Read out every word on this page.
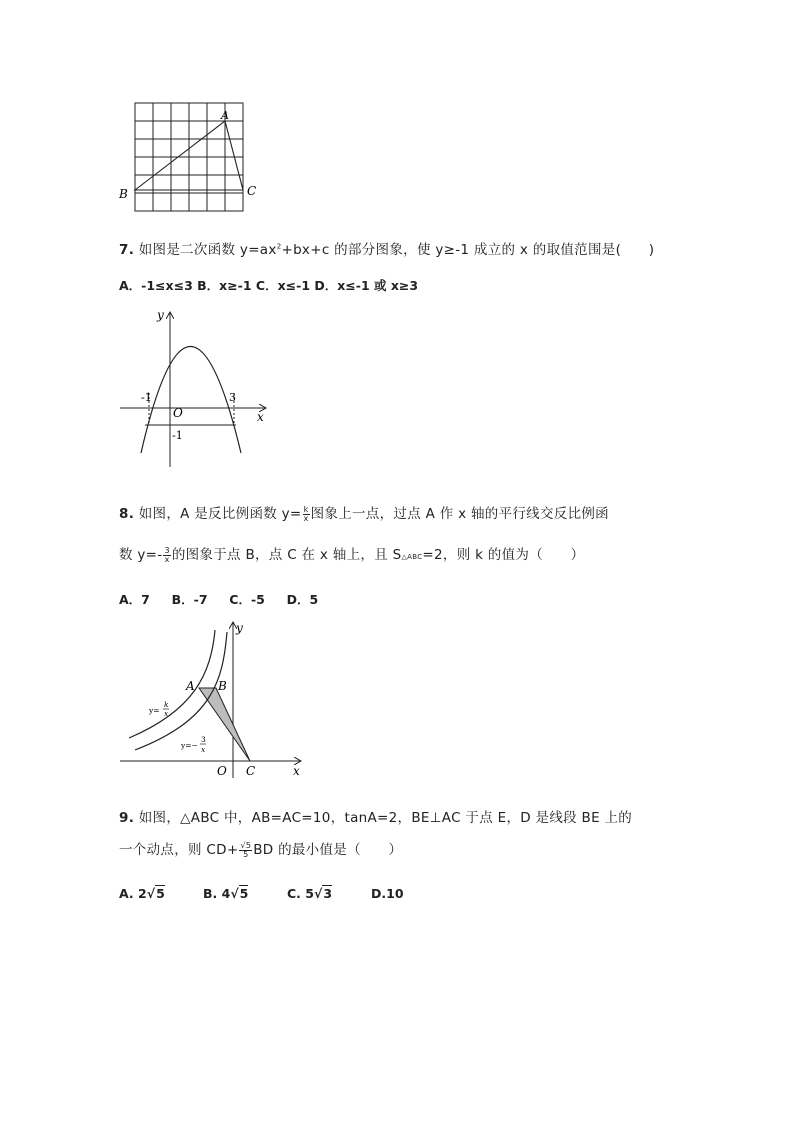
A
B	C
7. 如图是二次函数 $y=ax^2+bx+c$ 的部分图象，使 y≥-1 成立的 x 的取值范围是(　　)
A．-1≤x≤3 B．x≥-1 C．x≤-1 D．x≤-1 或 x≥3
y
x
O
-1	3
-1
8. 如图，A 是反比例函数 $y= \frac{k}{x}$ 图象上一点，过点 A 作 x 轴的平行线交反比例函
数 $y=- \frac{3}{x}$ 的图象于点 B，点 C 在 x 轴上，且 S△ABC=2，则 k 的值为（　　）
A．7     B．-7     C．-5     D．5
y
x
O
A B
C
y=
k
x
y=−
3
x
9. 如图，△ABC 中，AB=AC=10，tanA=2，BE⊥AC 于点 E，D 是线段 BE 上的
一个动点，则 $CD+ \frac{√5}{5}$ BD 的最小值是（　　）
A. 2√5	B. 4√5	C. 5√3	D.10
